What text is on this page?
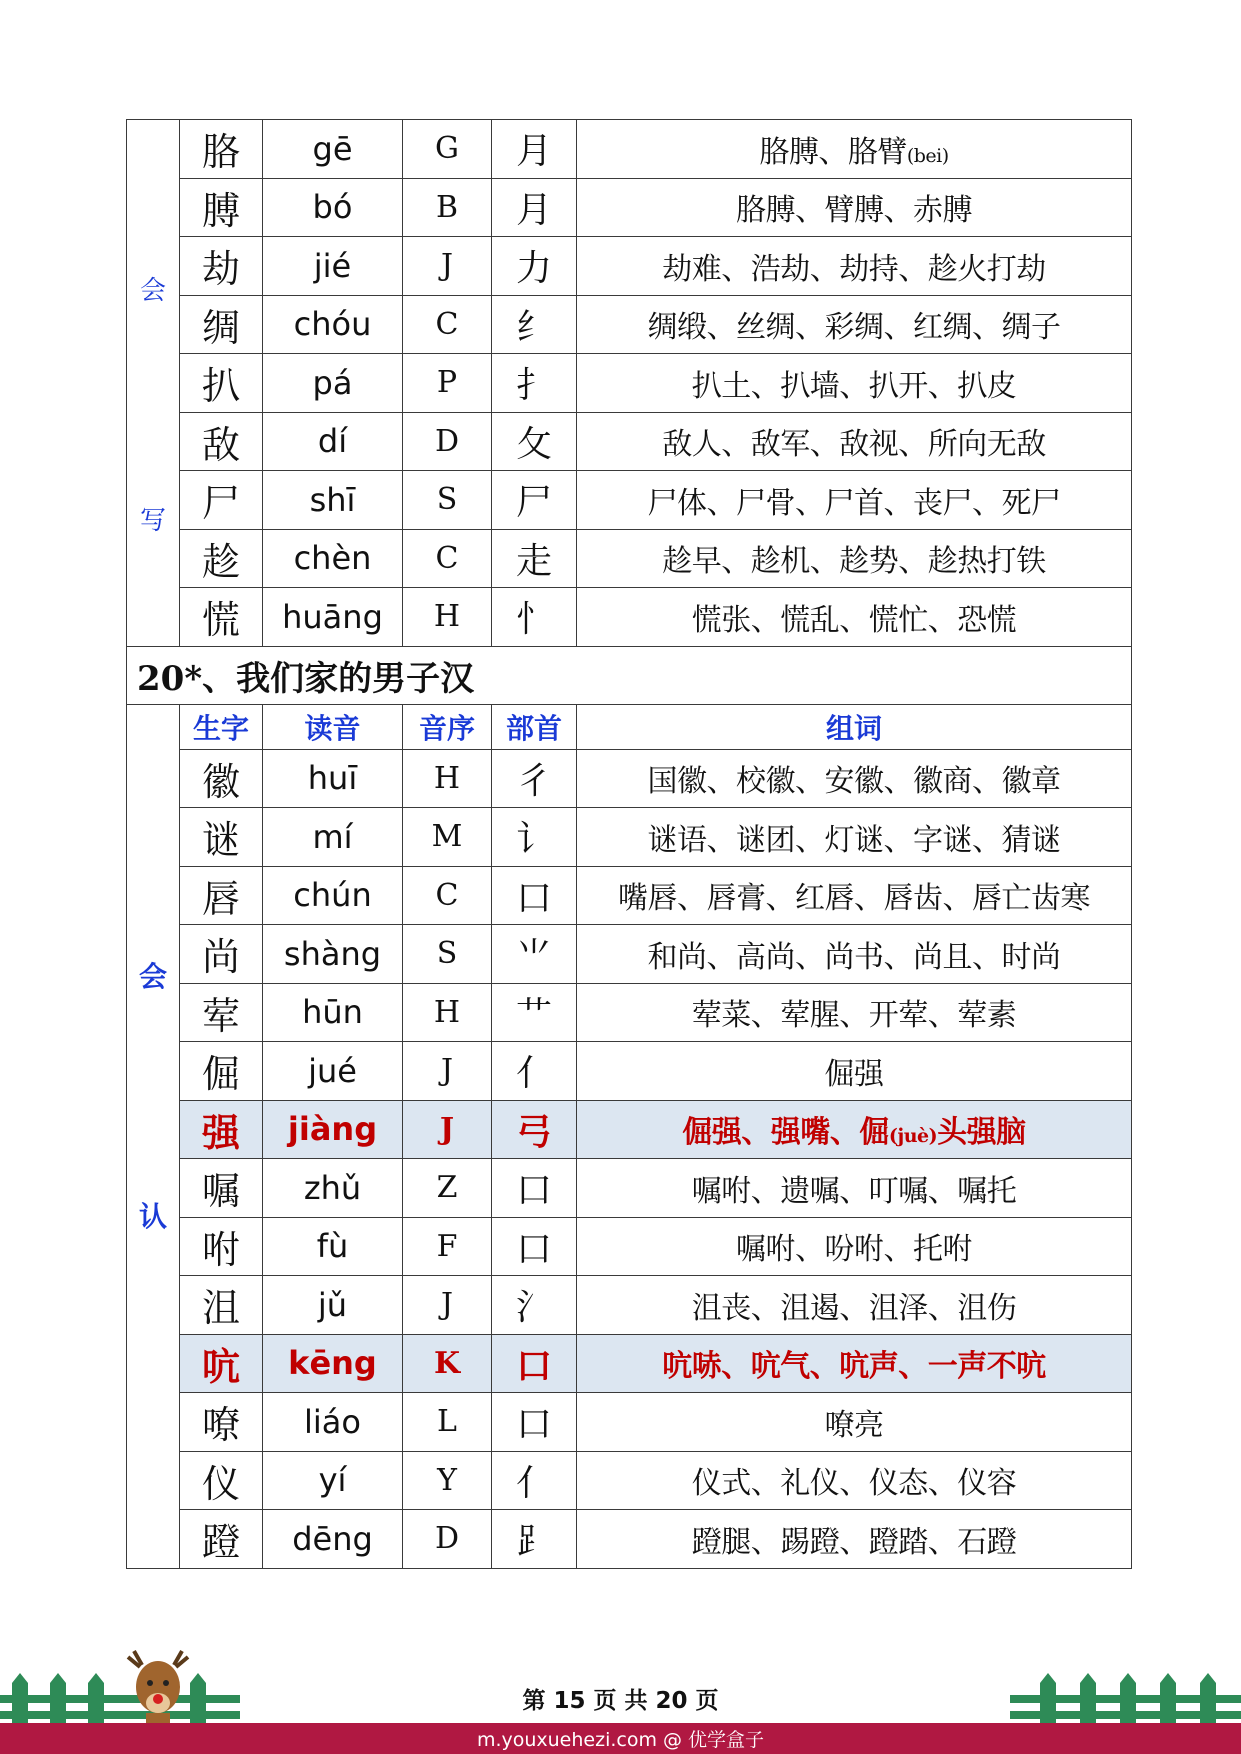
会
写	胳	gē	G	月	胳膊、胳臂(bei)
	膊	bó	B	月	胳膊、臂膊、赤膊
	劫	jié	J	力	劫难、浩劫、劫持、趁火打劫
	绸	chóu	C	纟	绸缎、丝绸、彩绸、红绸、绸子
	扒	pá	P	扌	扒土、扒墙、扒开、扒皮
	敌	dí	D	攵	敌人、敌军、敌视、所向无敌
	尸	shī	S	尸	尸体、尸骨、尸首、丧尸、死尸
	趁	chèn	C	走	趁早、趁机、趁势、趁热打铁
	慌	huāng	H	忄	慌张、慌乱、慌忙、恐慌
20*、我们家的男子汉					

会
认	生字	读音	音序	部首	组词
	徽	huī	H	彳	国徽、校徽、安徽、徽商、徽章
	谜	mí	M	讠	谜语、谜团、灯谜、字谜、猜谜
	唇	chún	C	口	嘴唇、唇膏、红唇、唇齿、唇亡齿寒
	尚	shàng	S	⺌	和尚、高尚、尚书、尚且、时尚
	荤	hūn	H	艹	荤菜、荤腥、开荤、荤素
	倔	jué	J	亻	倔强
	强	jiàng	J	弓	倔强、强嘴、倔(juè)头强脑
	嘱	zhǔ	Z	口	嘱咐、遗嘱、叮嘱、嘱托
	咐	fù	F	口	嘱咐、吩咐、托咐
	沮	jǔ	J	氵	沮丧、沮遏、沮泽、沮伤
	吭	kēng	K	口	吭哧、吭气、吭声、一声不吭
	嘹	liáo	L	口	嘹亮
	仪	yí	Y	亻	仪式、礼仪、仪态、仪容
	蹬	dēng	D	⻊	蹬腿、踢蹬、蹬踏、石蹬
第 15 页 共 20 页
m.youxuehezi.com @ 优学盒子
